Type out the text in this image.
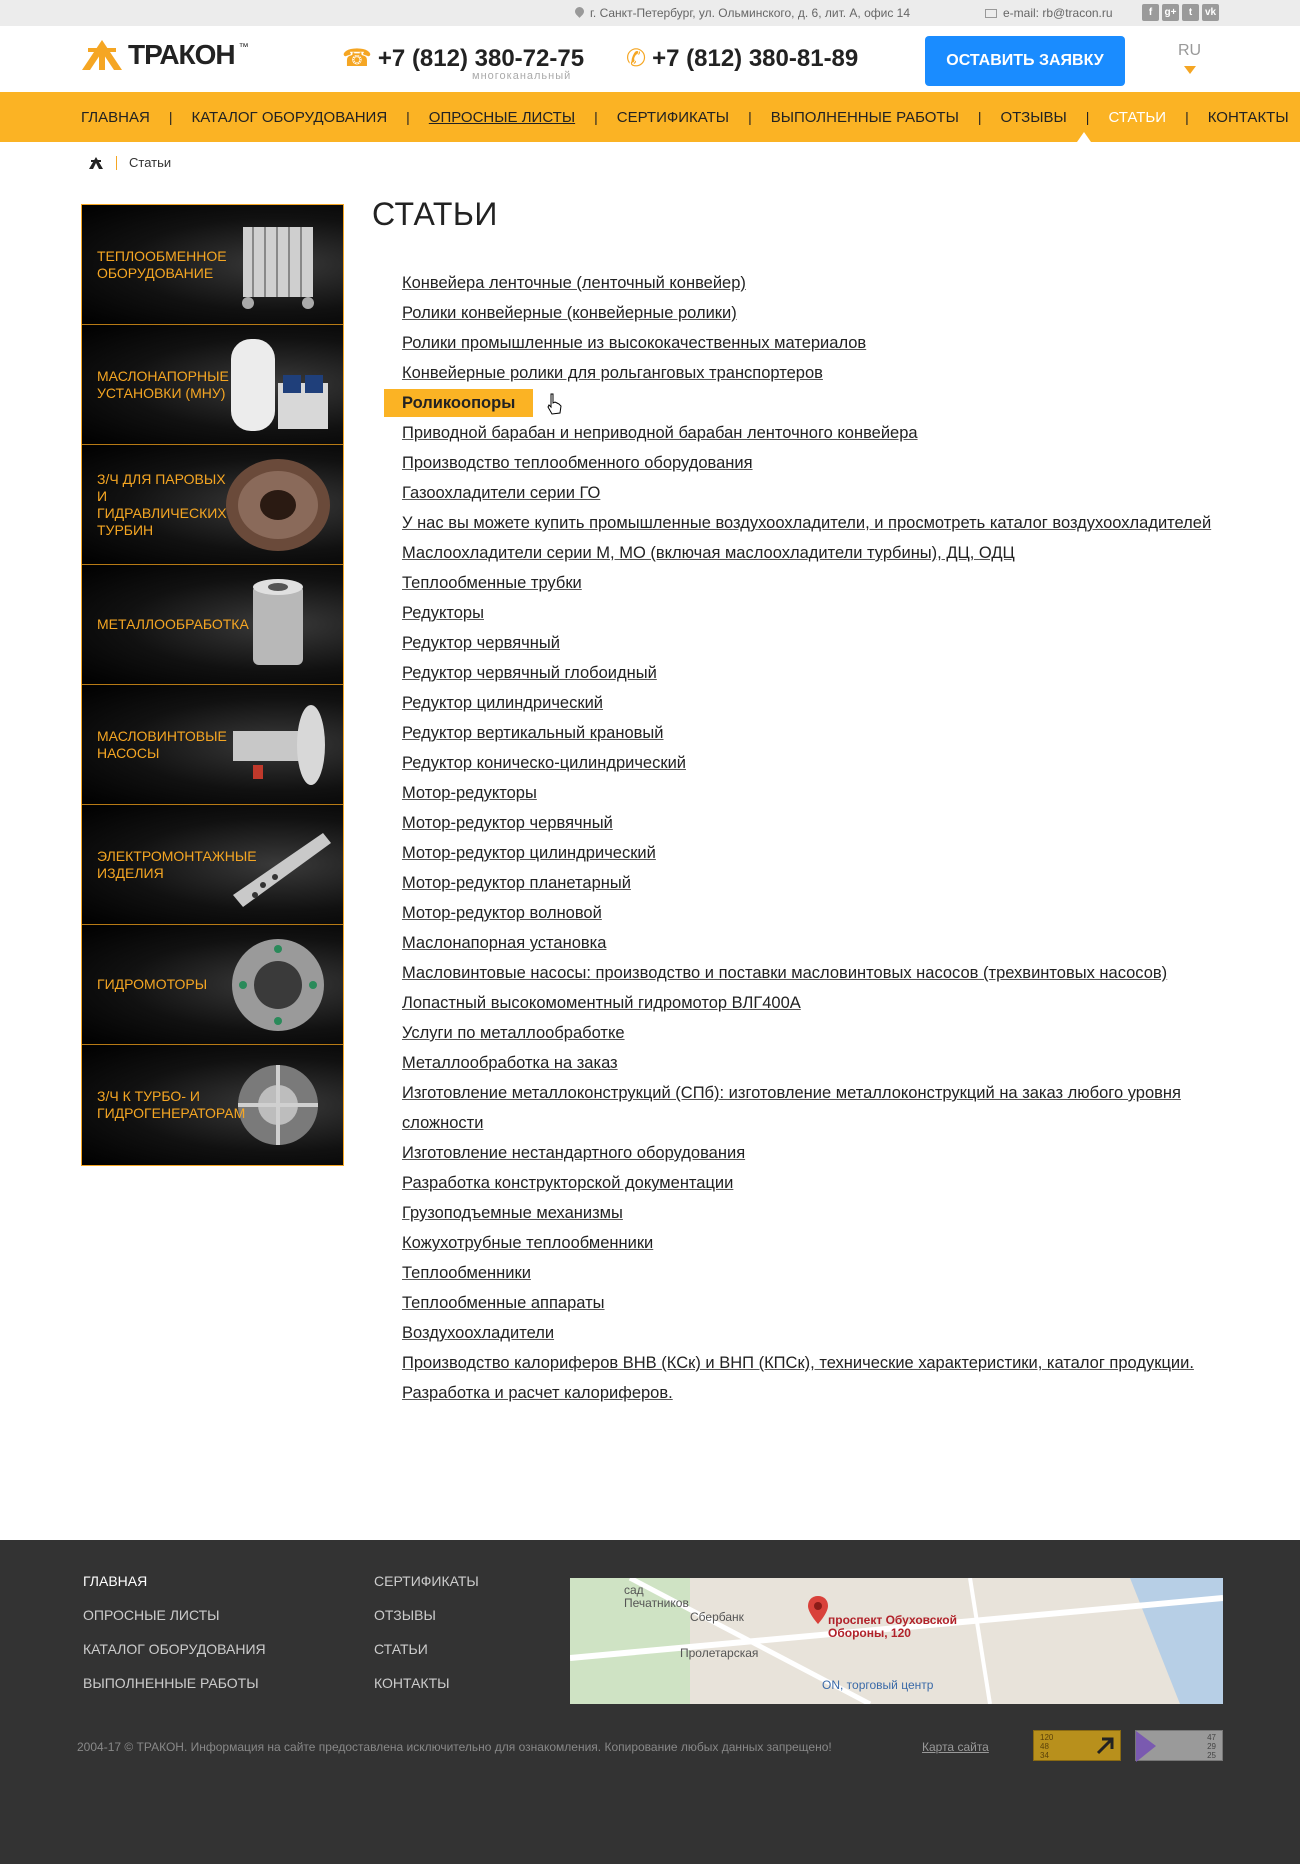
г. Санкт-Петербург, ул. Ольминского, д. 6, лит. А, офис 14	e-mail: rb@tracon.ru	f	g+	t	vk
ТРАКОН ™	☎ +7 (812) 380-72-75
многоканальный
✆ +7 (812) 380-81-89	ОСТАВИТЬ ЗАЯВКУ
RU
ГЛАВНАЯ | КАТАЛОГ ОБОРУДОВАНИЯ | ОПРОСНЫЕ ЛИСТЫ | СЕРТИФИКАТЫ | ВЫПОЛНЕННЫЕ РАБОТЫ | ОТЗЫВЫ | СТАТЬИ | КОНТАКТЫ
Статьи
ТЕПЛООБМЕННОЕ ОБОРУДОВАНИЕ
МАСЛОНАПОРНЫЕ УСТАНОВКИ (МНУ)
З/Ч ДЛЯ ПАРОВЫХ И ГИДРАВЛИЧЕСКИХ ТУРБИН
МЕТАЛЛООБРАБОТКА
МАСЛОВИНТОВЫЕ НАСОСЫ
ЭЛЕКТРОМОНТАЖНЫЕ ИЗДЕЛИЯ
ГИДРОМОТОРЫ
З/Ч К ТУРБО- И ГИДРОГЕНЕРАТОРАМ
СТАТЬИ
Конвейера ленточные (ленточный конвейер)
Ролики конвейерные (конвейерные ролики)
Ролики промышленные из высококачественных материалов
Конвейерные ролики для рольганговых транспортеров
Роликоопоры
Приводной барабан и неприводной барабан ленточного конвейера
Производство теплообменного оборудования
Газоохладители серии ГО
У нас вы можете купить промышленные воздухоохладители, и просмотреть каталог воздухоохладителей
Маслоохладители серии М, МО (включая маслоохладители турбины), ДЦ, ОДЦ
Теплообменные трубки
Редукторы
Редуктор червячный
Редуктор червячный глобоидный
Редуктор цилиндрический
Редуктор вертикальный крановый
Редуктор коническо-цилиндрический
Мотор-редукторы
Мотор-редуктор червячный
Мотор-редуктор цилиндрический
Мотор-редуктор планетарный
Мотор-редуктор волновой
Маслонапорная установка
Масловинтовые насосы: производство и поставки масловинтовых насосов (трехвинтовых насосов)
Лопастный высокомоментный гидромотор ВЛГ400А
Услуги по металлообработке
Металлообработка на заказ
Изготовление металлоконструкций (СПб): изготовление металлоконструкций на заказ любого уровня сложности
Изготовление нестандартного оборудования
Разработка конструкторской документации
Грузоподъемные механизмы
Кожухотрубные теплообменники
Теплообменники
Теплообменные аппараты
Воздухоохладители
Производство калориферов ВНВ (КСк) и ВНП (КПСк), технические характеристики, каталог продукции.
Разработка и расчет калориферов.
ГЛАВНАЯ
ОПРОСНЫЕ ЛИСТЫ
КАТАЛОГ ОБОРУДОВАНИЯ
ВЫПОЛНЕННЫЕ РАБОТЫ
СЕРТИФИКАТЫ
ОТЗЫВЫ
СТАТЬИ
КОНТАКТЫ
сад
Печатников
Сбербанк
Пролетарская
проспект Обуховской
Обороны, 120
ON, торговый центр
2004-17 © ТРАКОН. Информация на сайте предоставлена исключительно для ознакомления. Копирование любых данных запрещено!	Карта сайта
120
48
34
47
29
25
